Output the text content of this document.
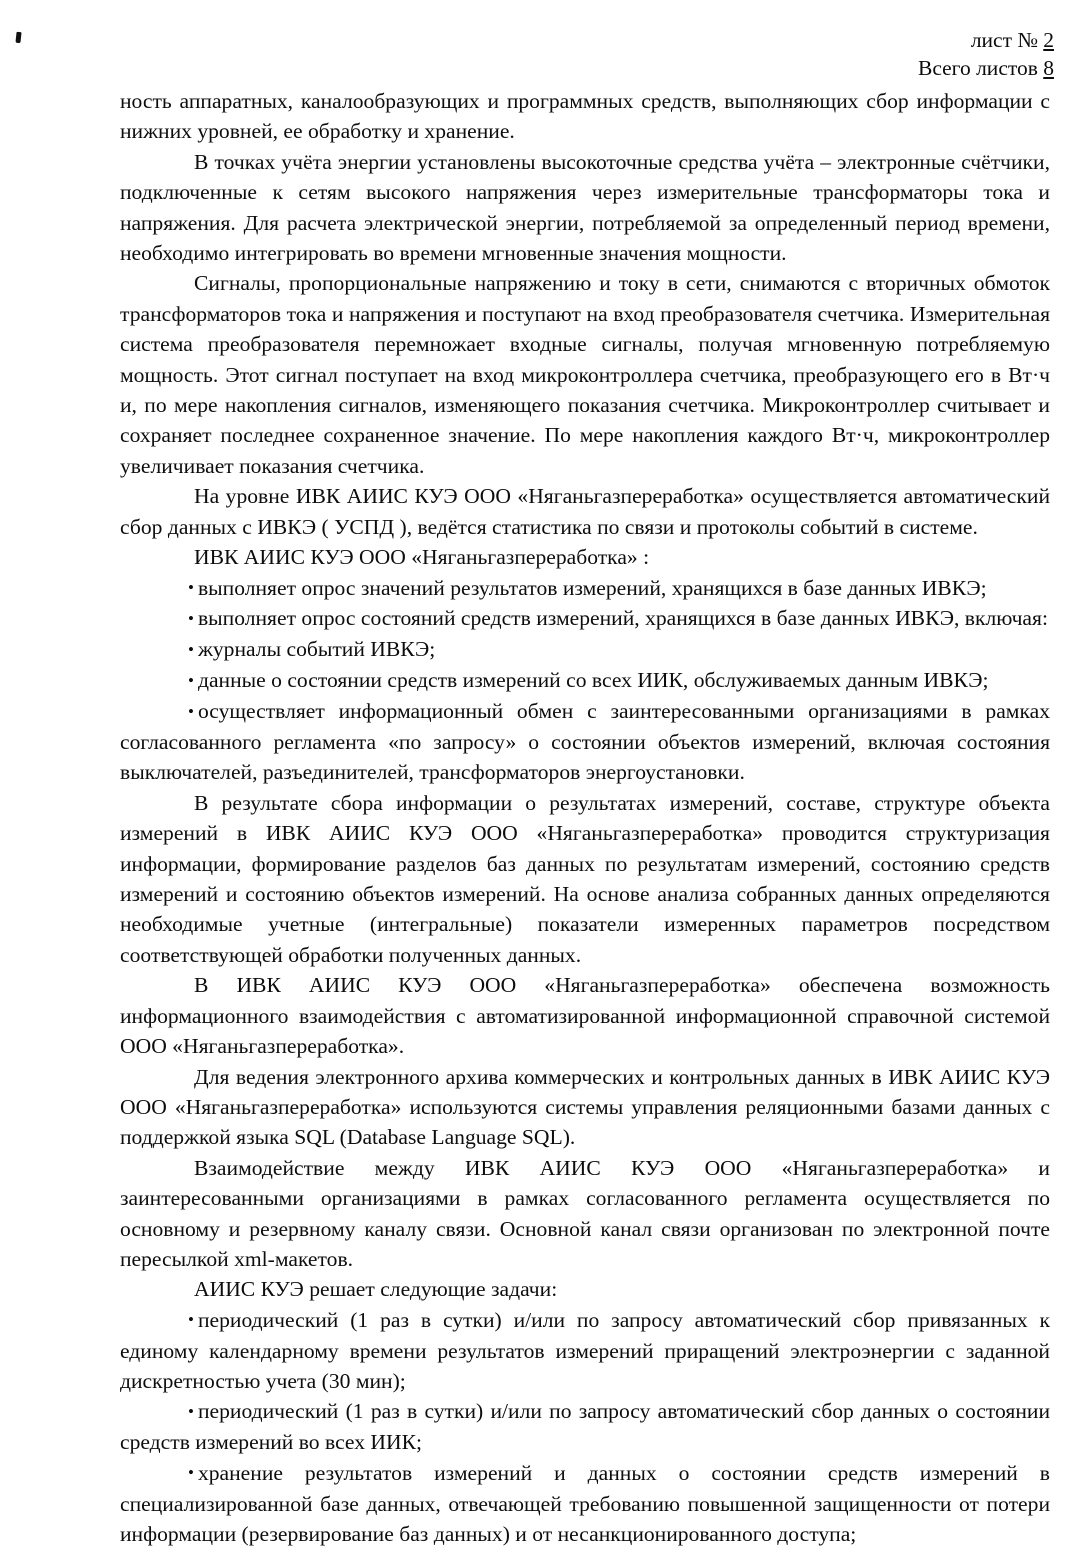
лист № 2
Всего листов 8

ность аппаратных, каналообразующих и программных средств, выполняющих сбор информации с нижних уровней, ее обработку и хранение.

В точках учёта энергии установлены высокоточные средства учёта – электронные счётчики, подключенные к сетям высокого напряжения через измерительные трансформаторы тока и напряжения. Для расчета электрической энергии, потребляемой за определенный период времени, необходимо интегрировать во времени мгновенные значения мощности.

Сигналы, пропорциональные напряжению и току в сети, снимаются с вторичных обмоток трансформаторов тока и напряжения и поступают на вход преобразователя счетчика. Измерительная система преобразователя перемножает входные сигналы, получая мгновенную потребляемую мощность. Этот сигнал поступает на вход микроконтроллера счетчика, преобразующего его в Вт·ч и, по мере накопления сигналов, изменяющего показания счетчика. Микроконтроллер считывает и сохраняет последнее сохраненное значение. По мере накопления каждого Вт·ч, микроконтроллер увеличивает показания счетчика.

На уровне ИВК АИИС КУЭ ООО «Няганьгазпереработка» осуществляется автоматический сбор данных с ИВКЭ ( УСПД ), ведётся статистика по связи и протоколы событий в системе.

ИВК АИИС КУЭ ООО «Няганьгазпереработка» :

• выполняет опрос значений результатов измерений, хранящихся в базе данных ИВКЭ;

• выполняет опрос состояний средств измерений, хранящихся в базе данных ИВКЭ, включая:

• журналы событий ИВКЭ;

• данные о состоянии средств измерений со всех ИИК, обслуживаемых данным ИВКЭ;

• осуществляет информационный обмен с заинтересованными организациями в рамках согласованного регламента «по запросу» о состоянии объектов измерений, включая состояния выключателей, разъединителей, трансформаторов энергоустановки.

В результате сбора информации о результатах измерений, составе, структуре объекта измерений в ИВК АИИС КУЭ ООО «Няганьгазпереработка» проводится структуризация информации, формирование разделов баз данных по результатам измерений, состоянию средств измерений и состоянию объектов измерений. На основе анализа собранных данных определяются необходимые учетные (интегральные) показатели измеренных параметров посредством соответствующей обработки полученных данных.

В ИВК АИИС КУЭ ООО «Няганьгазпереработка» обеспечена возможность информационного взаимодействия с автоматизированной информационной справочной системой ООО «Няганьгазпереработка».

Для ведения электронного архива коммерческих и контрольных данных в ИВК АИИС КУЭ ООО «Няганьгазпереработка» используются системы управления реляционными базами данных с поддержкой языка SQL (Database Language SQL).

Взаимодействие между ИВК АИИС КУЭ ООО «Няганьгазпереработка» и заинтересованными организациями в рамках согласованного регламента осуществляется по основному и резервному каналу связи. Основной канал связи организован по электронной почте пересылкой xml-макетов.

АИИС КУЭ решает следующие задачи:

• периодический (1 раз в сутки) и/или по запросу автоматический сбор привязанных к единому календарному времени результатов измерений приращений электроэнергии с заданной дискретностью учета (30 мин);

• периодический (1 раз в сутки) и/или по запросу автоматический сбор данных о состоянии средств измерений во всех ИИК;

• хранение результатов измерений и данных о состоянии средств измерений в специализированной базе данных, отвечающей требованию повышенной защищенности от потери информации (резервирование баз данных) и от несанкционированного доступа;
